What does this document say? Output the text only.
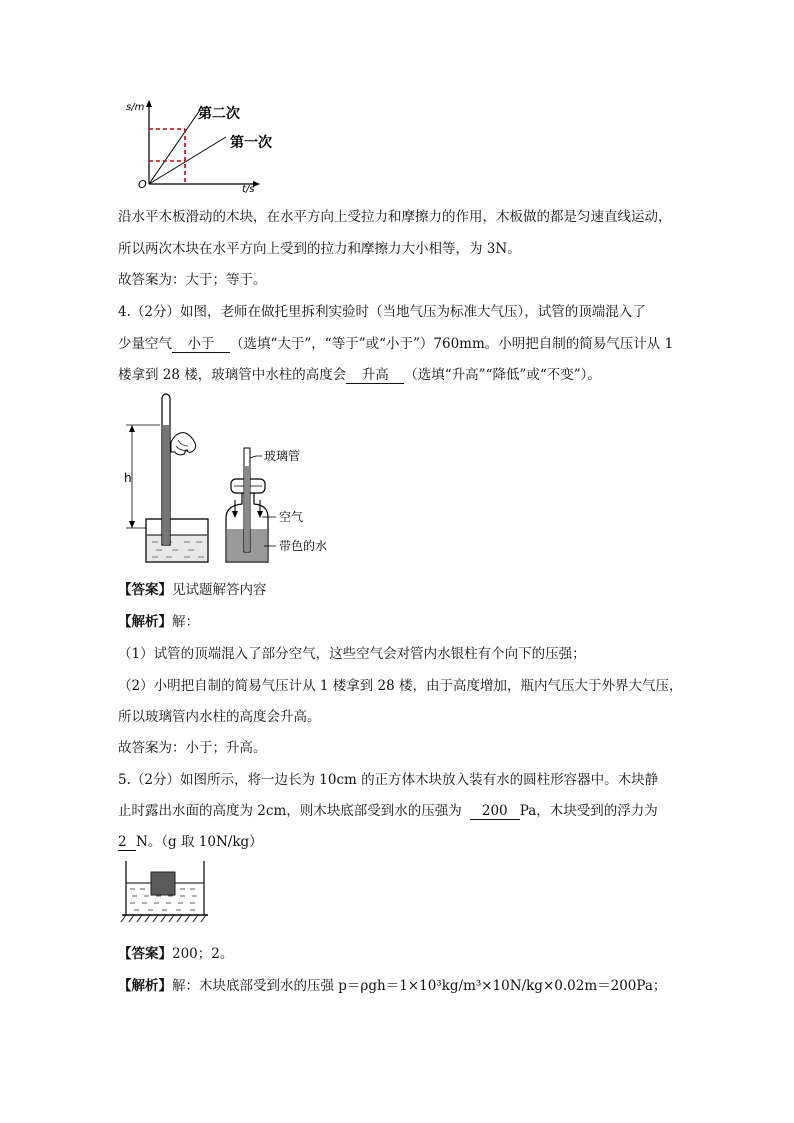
s/m
O	t/s
第二次
第一次
沿水平木板滑动的木块，在水平方向上受拉力和摩擦力的作用，木板做的都是匀速直线运动，
所以两次木块在水平方向上受到的拉力和摩擦力大小相等，为 3N。
故答案为：大于；等于。
4.（2分）如图，老师在做托里拆利实验时（当地气压为标准大气压），试管的顶端混入了
少量空气 小于 （选填“大于”，“等于”或“小于”）760mm。小明把自制的简易气压计从 1
楼拿到 28 楼，玻璃管中水柱的高度会 升高 （选填“升高”“降低”或“不变”）。
h
玻璃管
空气
带色的水
【答案】见试题解答内容
【解析】解：
（1）试管的顶端混入了部分空气，这些空气会对管内水银柱有个向下的压强；
（2）小明把自制的简易气压计从 1 楼拿到 28 楼，由于高度增加，瓶内气压大于外界大气压，
所以玻璃管内水柱的高度会升高。
故答案为：小于；升高。
5.（2分）如图所示，将一边长为 10cm 的正方体木块放入装有水的圆柱形容器中。木块静
止时露出水面的高度为 2cm，则木块底部受到水的压强为 200 Pa，木块受到的浮力为
2 N。（g 取 10N/kg）
【答案】200；2。
【解析】解：木块底部受到水的压强 p＝ρgh＝1×10³kg/m³×10N/kg×0.02m＝200Pa；
